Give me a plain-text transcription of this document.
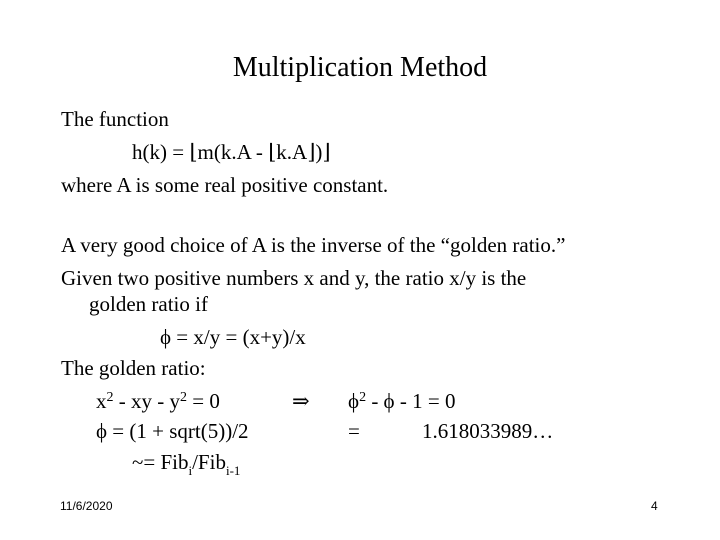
Multiplication Method
The function
h(k) = ⌊m(k.A - ⌊k.A⌋)⌋
where A is some real positive constant.
A very good choice of A is the inverse of the “golden ratio.”
Given two positive numbers x and y, the ratio x/y is the
golden ratio if
ϕ = x/y = (x+y)/x
The golden ratio:
$x^2$ - xy - $y^2 = 0$	⇒ $\phi^2 - \phi - 1 = 0$
ϕ = (1 + sqrt(5))/2	=	1.618033989…
~= Fib$_i$/Fib$_{i-1}$
11/6/2020	4
